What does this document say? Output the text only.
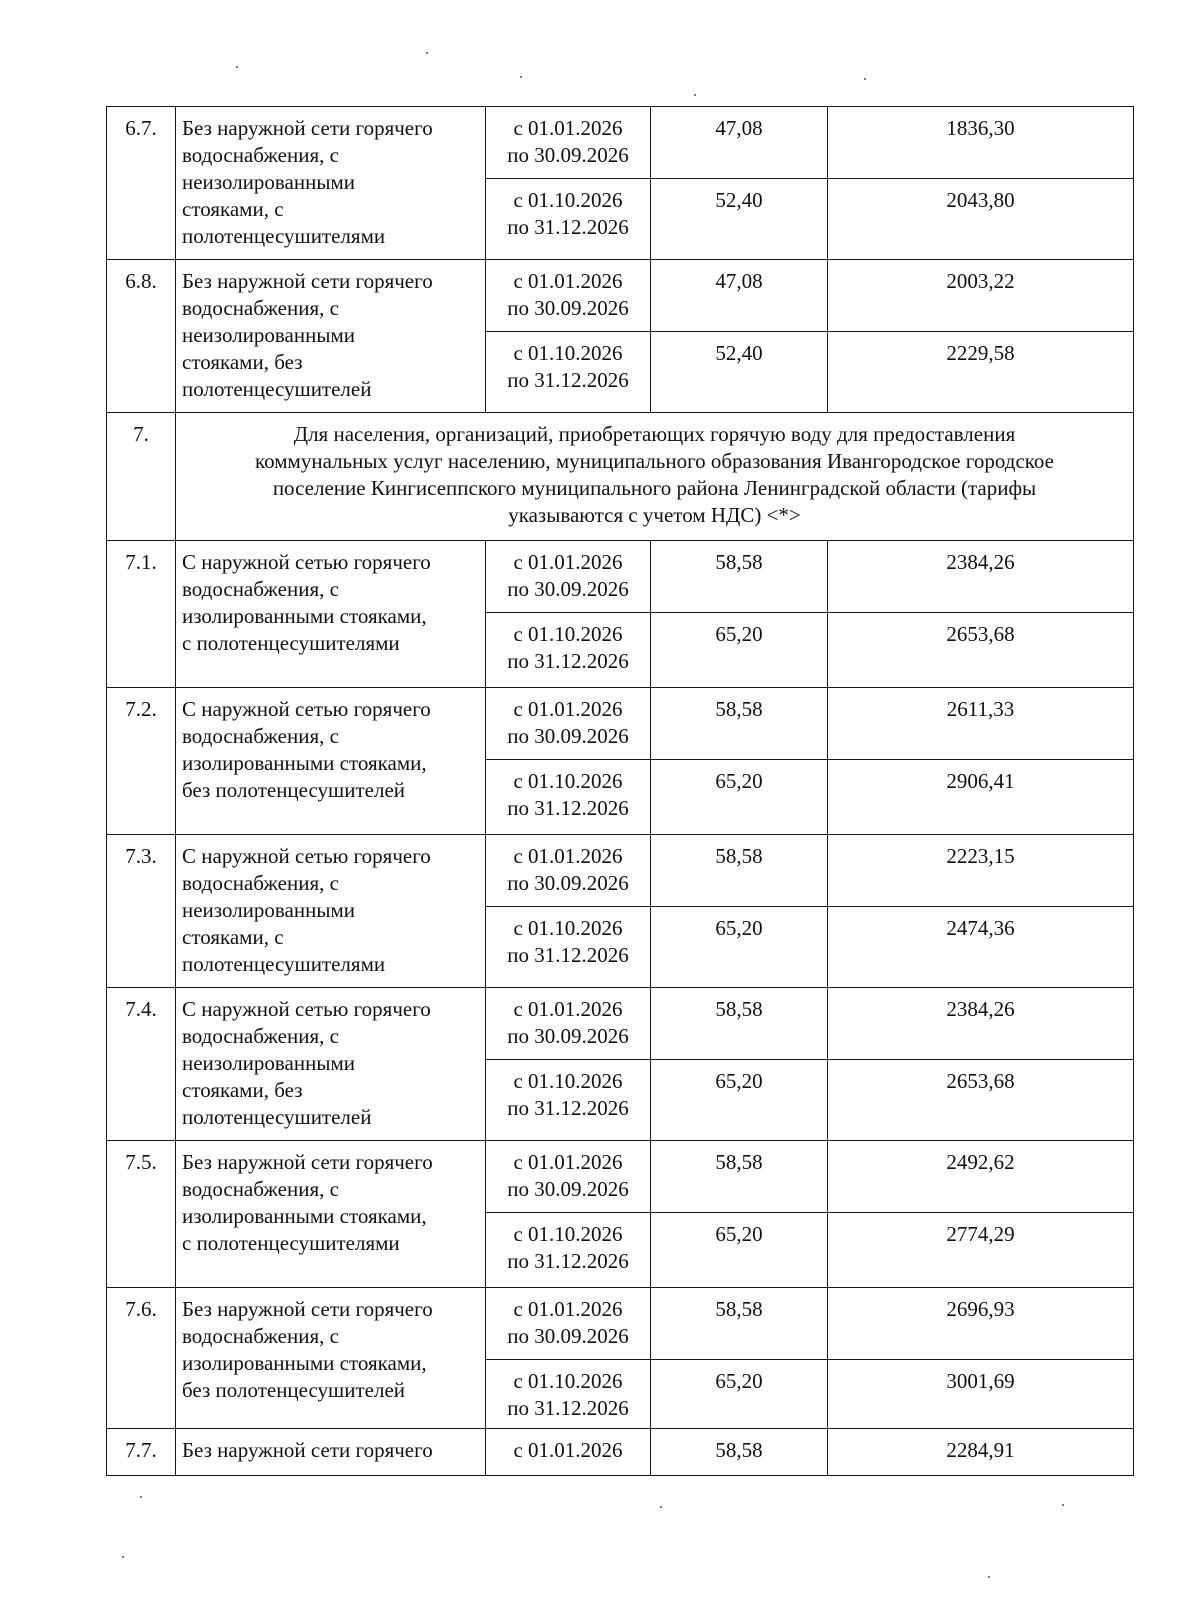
6.7.	Без наружной сети горячего
водоснабжения, с
неизолированными
стояками, с
полотенцесушителями	с 01.01.2026
по 30.09.2026	47,08	1836,30

		с 01.10.2026
по 31.12.2026	52,40	2043,80
6.8.	Без наружной сети горячего
водоснабжения, с
неизолированными
стояками, без
полотенцесушителей	с 01.01.2026
по 30.09.2026	47,08	2003,22

		с 01.10.2026
по 31.12.2026	52,40	2229,58
7.	Для населения, организаций, приобретающих горячую воду для предоставления
коммунальных услуг населению, муниципального образования Ивангородское городское
поселение Кингисеппского муниципального района Ленинградской области (тарифы
указываются с учетом НДС) <*>			

7.1.	С наружной сетью горячего
водоснабжения, с
изолированными стояками,
с полотенцесушителями	с 01.01.2026
по 30.09.2026	58,58	2384,26

		с 01.10.2026
по 31.12.2026	65,20	2653,68
7.2.	С наружной сетью горячего
водоснабжения, с
изолированными стояками,
без полотенцесушителей	с 01.01.2026
по 30.09.2026	58,58	2611,33

		с 01.10.2026
по 31.12.2026	65,20	2906,41
7.3.	С наружной сетью горячего
водоснабжения, с
неизолированными
стояками, с
полотенцесушителями	с 01.01.2026
по 30.09.2026	58,58	2223,15

		с 01.10.2026
по 31.12.2026	65,20	2474,36
7.4.	С наружной сетью горячего
водоснабжения, с
неизолированными
стояками, без
полотенцесушителей	с 01.01.2026
по 30.09.2026	58,58	2384,26

		с 01.10.2026
по 31.12.2026	65,20	2653,68
7.5.	Без наружной сети горячего
водоснабжения, с
изолированными стояками,
с полотенцесушителями	с 01.01.2026
по 30.09.2026	58,58	2492,62

		с 01.10.2026
по 31.12.2026	65,20	2774,29
7.6.	Без наружной сети горячего
водоснабжения, с
изолированными стояками,
без полотенцесушителей	с 01.01.2026
по 30.09.2026	58,58	2696,93

		с 01.10.2026
по 31.12.2026	65,20	3001,69
7.7.	Без наружной сети горячего	с 01.01.2026	58,58	2284,91
